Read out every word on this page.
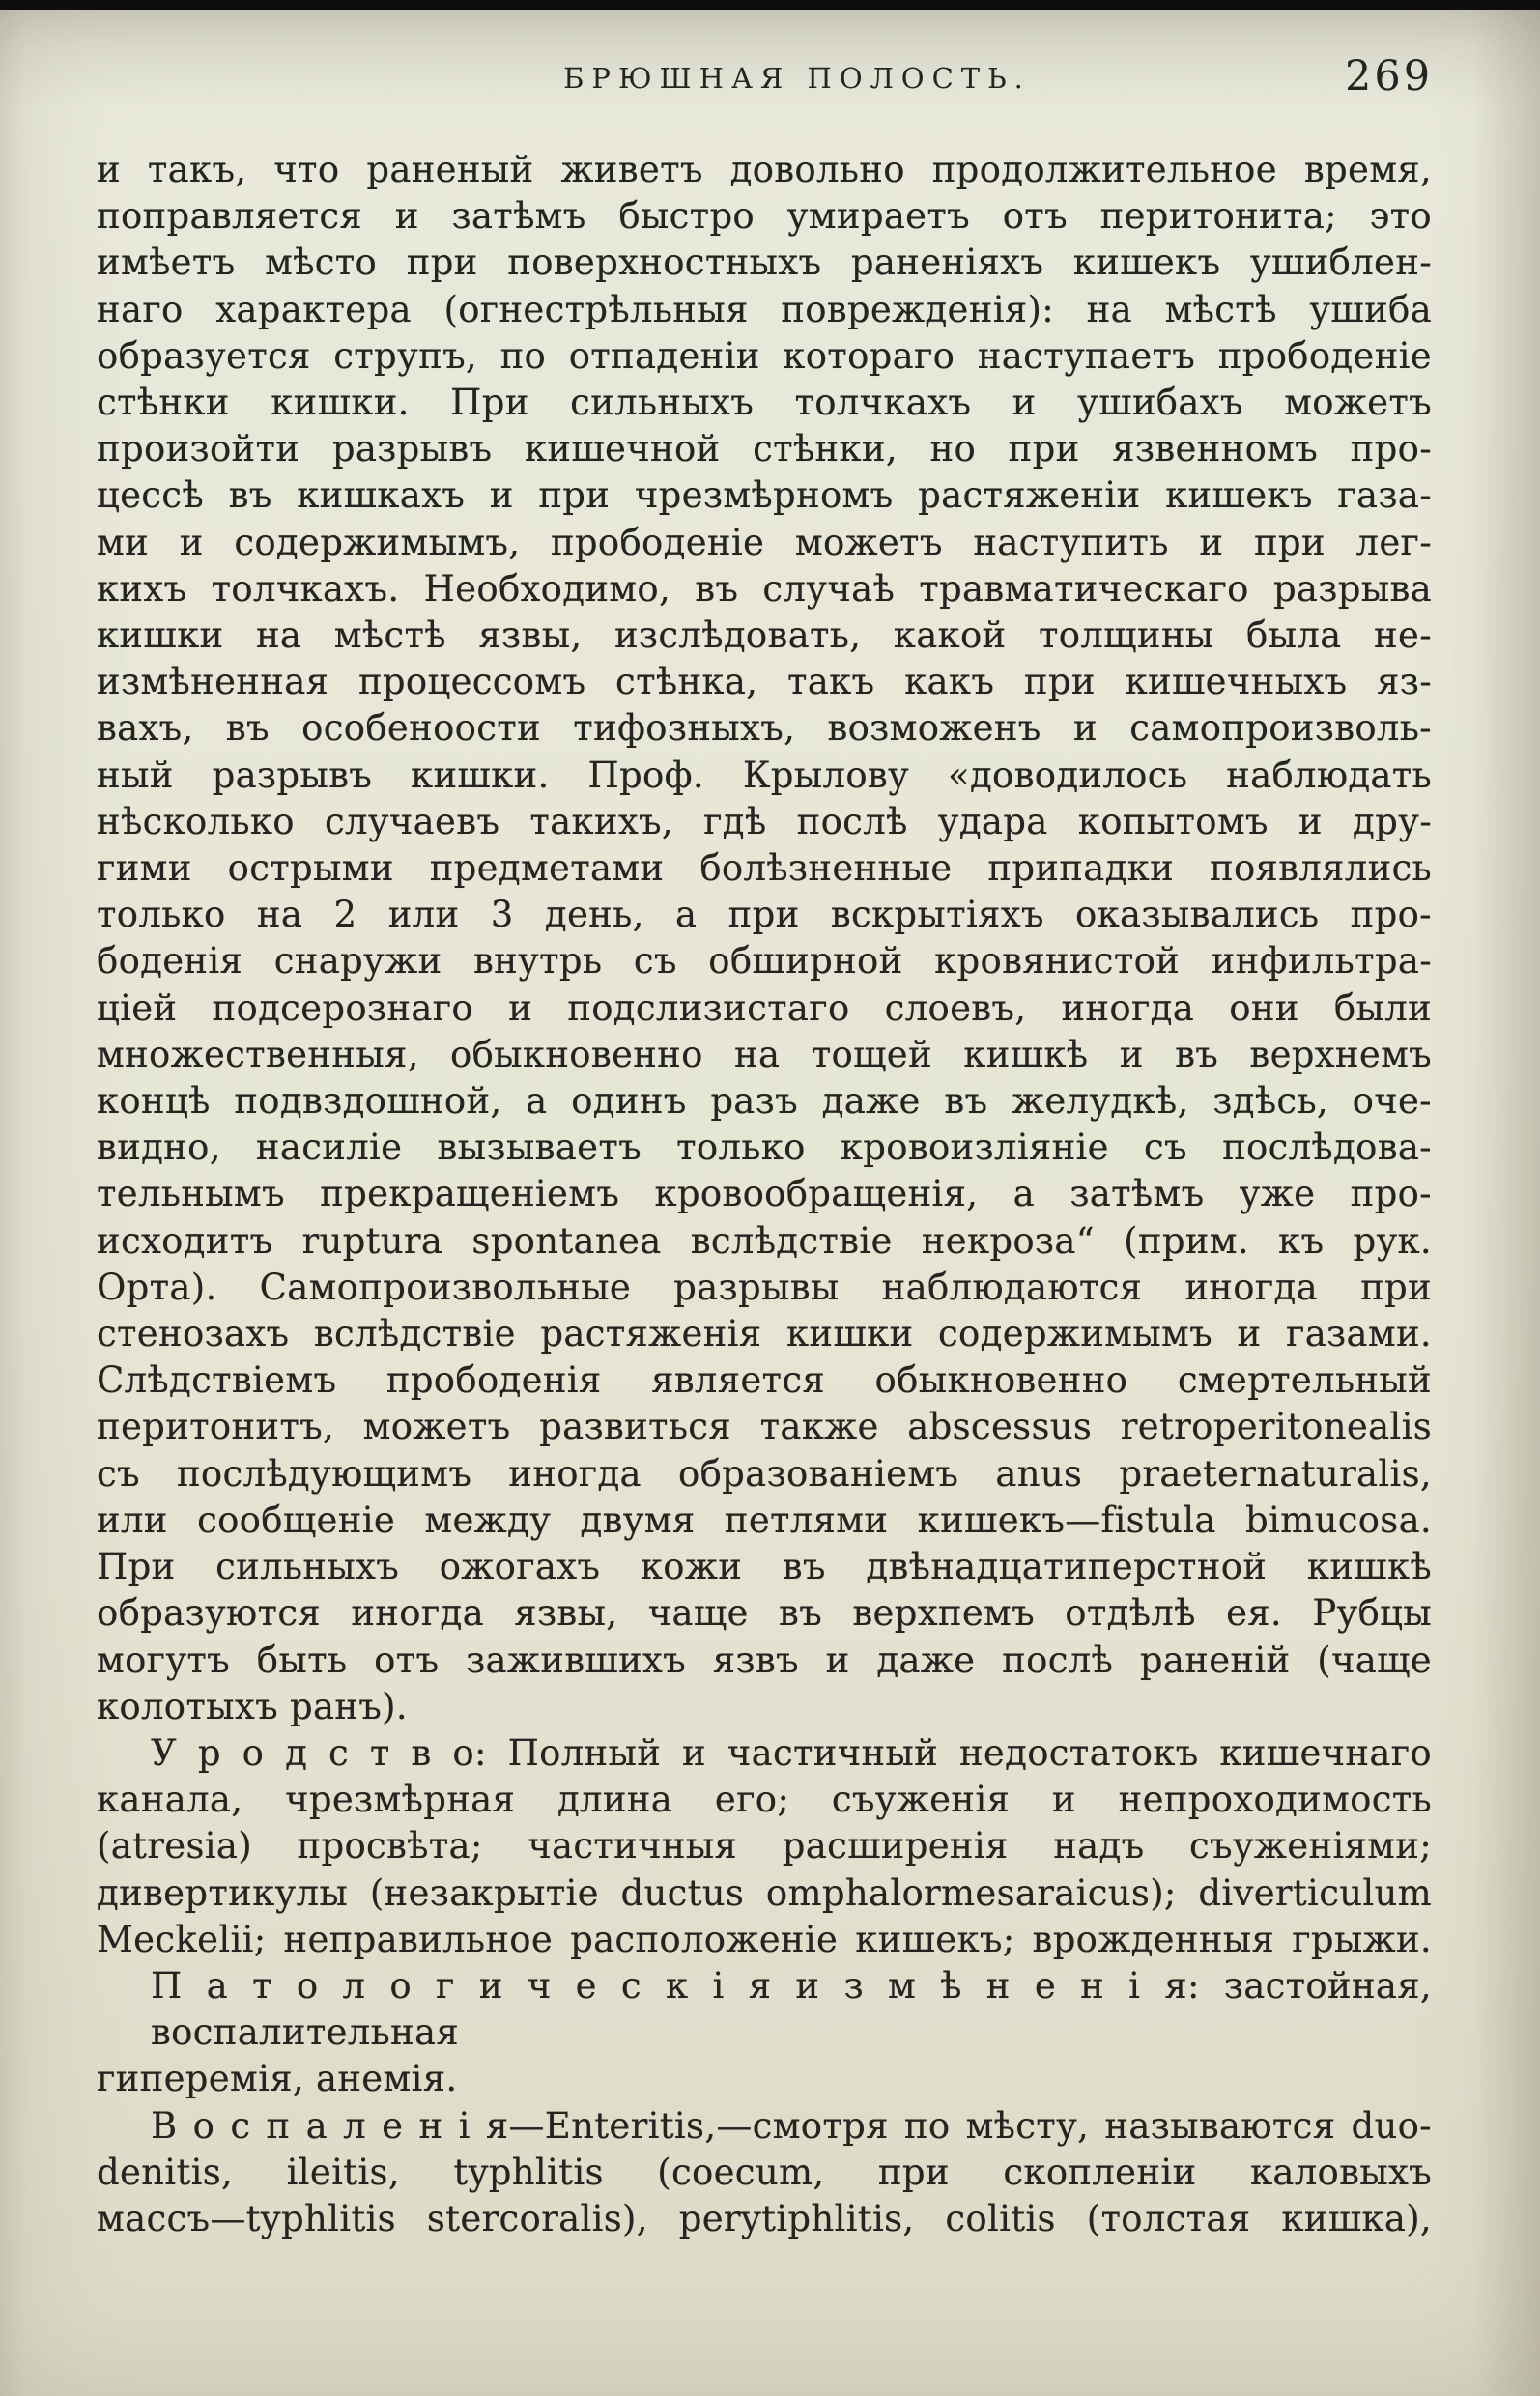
БРЮШНАЯ ПОЛОСТЬ.	269
и такъ, что раненый живетъ довольно продолжительное время,
поправляется и затѣмъ быстро умираетъ отъ перитонита; это
имѣетъ мѣсто при поверхностныхъ раненіяхъ кишекъ ушиблен-
наго характера (огнестрѣльныя поврежденія): на мѣстѣ ушиба
образуется струпъ, по отпаденіи котораго наступаетъ прободеніе
стѣнки кишки. При сильныхъ толчкахъ и ушибахъ можетъ
произойти разрывъ кишечной стѣнки, но при язвенномъ про-
цессѣ въ кишкахъ и при чрезмѣрномъ растяженіи кишекъ газа-
ми и содержимымъ, прободеніе можетъ наступить и при лег-
кихъ толчкахъ. Необходимо, въ случаѣ травматическаго разрыва
кишки на мѣстѣ язвы, изслѣдовать, какой толщины была не-
измѣненная процессомъ стѣнка, такъ какъ при кишечныхъ яз-
вахъ, въ особеноости тифозныхъ, возможенъ и самопроизволь-
ный разрывъ кишки. Проф. Крылову «доводилось наблюдать
нѣсколько случаевъ такихъ, гдѣ послѣ удара копытомъ и дру-
гими острыми предметами болѣзненные припадки появлялись
только на 2 или 3 день, а при вскрытіяхъ оказывались про-
боденія снаружи внутрь съ обширной кровянистой инфильтра-
ціей подсерознаго и подслизистаго слоевъ, иногда они были
множественныя, обыкновенно на тощей кишкѣ и въ верхнемъ
концѣ подвздошной, а одинъ разъ даже въ желудкѣ, здѣсь, оче-
видно, насиліе вызываетъ только кровоизліяніе съ послѣдова-
тельнымъ прекращеніемъ кровообращенія, а затѣмъ уже про-
исходитъ ruptura spontanea вслѣдствіе некроза“ (прим. къ рук.
Орта). Самопроизвольные разрывы наблюдаются иногда при
стенозахъ вслѣдствіе растяженія кишки содержимымъ и газами.
Слѣдствіемъ прободенія является обыкновенно смертельный
перитонитъ, можетъ развиться также abscessus retroperitonealis
съ послѣдующимъ иногда образованіемъ anus praeternaturalis,
или сообщеніе между двумя петлями кишекъ—fistula bimucosa.
При сильныхъ ожогахъ кожи въ двѣнадцатиперстной кишкѣ
образуются иногда язвы, чаще въ верхпемъ отдѣлѣ ея. Рубцы
могутъ быть отъ зажившихъ язвъ и даже послѣ раненій (чаще
колотыхъ ранъ).
У р о д с т в о: Полный и частичный недостатокъ кишечнаго
канала, чрезмѣрная длина его; съуженія и непроходимость
(atresia) просвѣта; частичныя расширенія надъ съуженіями;
дивертикулы (незакрытіе ductus omphalormesaraicus); diverticulum
Meckelii; неправильное расположеніе кишекъ; врожденныя грыжи.
П а т о л о г и ч е с к і я и з м ѣ н е н і я: застойная, воспалительная
гиперемія, анемія.
В о с п а л е н і я—Enteritis,—смотря по мѣсту, называются duo-
denitis, ileitis, typhlitis (coecum, при скопленіи каловыхъ
массъ—typhlitis stercoralis), perytiphlitis, colitis (толстая кишка),
